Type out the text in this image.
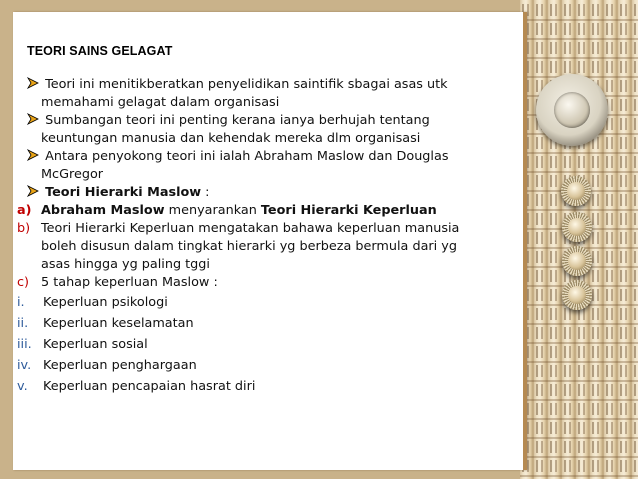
TEORI SAINS GELAGAT
Teori ini menitikberatkan penyelidikan saintifik sbagai asas utk
memahami gelagat dalam organisasi
Sumbangan teori ini penting kerana ianya berhujah tentang
keuntungan manusia dan kehendak mereka dlm organisasi
Antara penyokong teori ini ialah Abraham Maslow dan Douglas
McGregor
Teori Hierarki Maslow :
a) Abraham Maslow menyarankan Teori Hierarki Keperluan
b) Teori Hierarki Keperluan mengatakan bahawa keperluan manusia
boleh disusun dalam tingkat hierarki yg berbeza bermula dari yg
asas hingga yg paling tggi
c) 5 tahap keperluan Maslow :
i. Keperluan psikologi
ii. Keperluan keselamatan
iii. Keperluan sosial
iv. Keperluan penghargaan
v. Keperluan pencapaian hasrat diri
